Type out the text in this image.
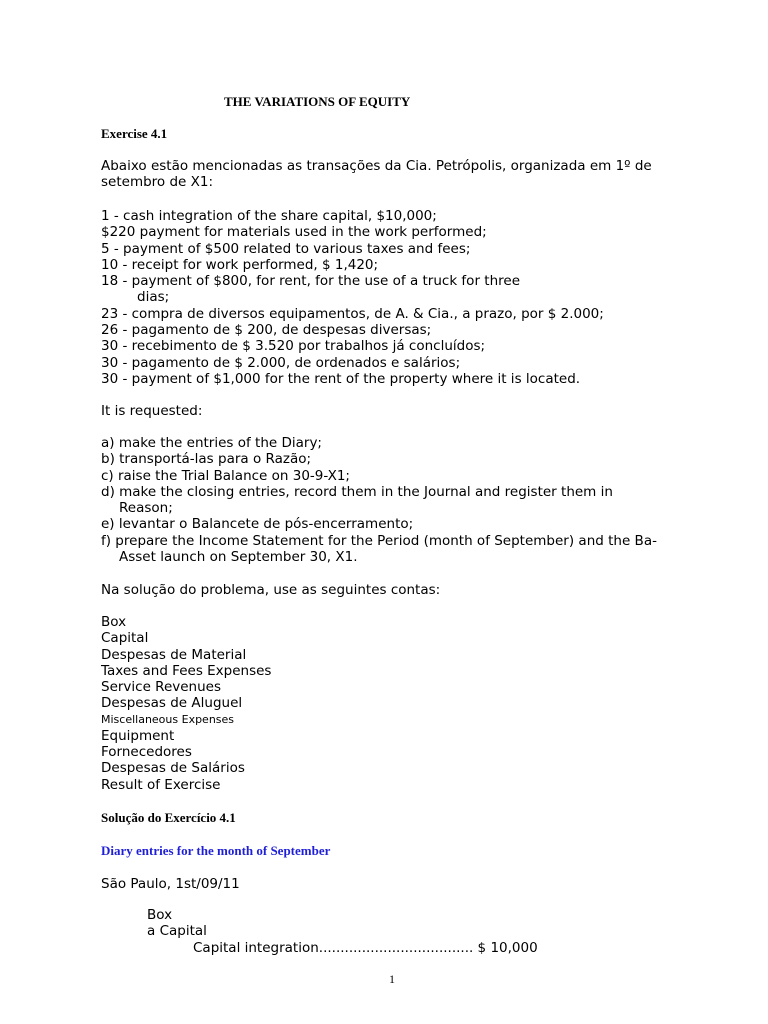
THE VARIATIONS OF EQUITY
Exercise 4.1
Abaixo estão mencionadas as transações da Cia. Petrópolis, organizada em 1º de
setembro de X1:
1 - cash integration of the share capital, $10,000;
$220 payment for materials used in the work performed;
5 - payment of $500 related to various taxes and fees;
10 - receipt for work performed, $ 1,420;
18 - payment of $800, for rent, for the use of a truck for three
dias;
23 - compra de diversos equipamentos, de A. & Cia., a prazo, por $ 2.000;
26 - pagamento de $ 200, de despesas diversas;
30 - recebimento de $ 3.520 por trabalhos já concluídos;
30 - pagamento de $ 2.000, de ordenados e salários;
30 - payment of $1,000 for the rent of the property where it is located.
It is requested:
a) make the entries of the Diary;
b) transportá-las para o Razão;
c) raise the Trial Balance on 30-9-X1;
d) make the closing entries, record them in the Journal and register them in
Reason;
e) levantar o Balancete de pós-encerramento;
f) prepare the Income Statement for the Period (month of September) and the Ba-
Asset launch on September 30, X1.
Na solução do problema, use as seguintes contas:
Box
Capital
Despesas de Material
Taxes and Fees Expenses
Service Revenues
Despesas de Aluguel
Miscellaneous Expenses
Equipment
Fornecedores
Despesas de Salários
Result of Exercise
Solução do Exercício 4.1
Diary entries for the month of September
São Paulo, 1st/09/11
Box
a Capital
Capital integration.................................... $ 10,000
1
